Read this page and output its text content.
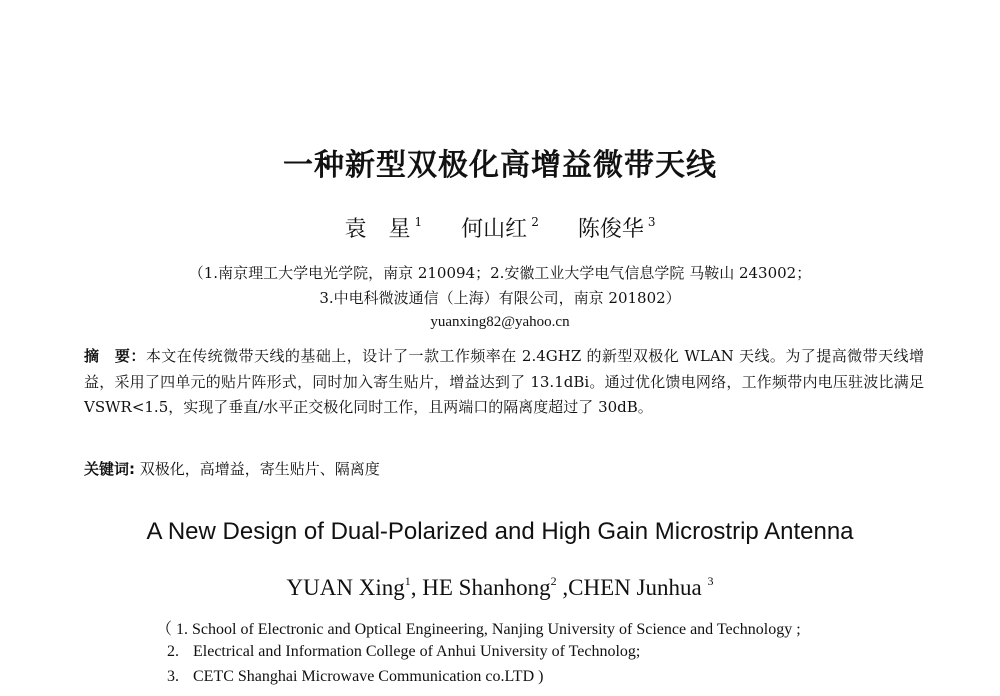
一种新型双极化高增益微带天线
袁　星 $^1$ 何山红 $^2$ 陈俊华 $^3$
（1.南京理工大学电光学院，南京 210094；2.安徽工业大学电气信息学院 马鞍山 243002；
3.中电科微波通信（上海）有限公司，南京 201802）
yuanxing82@yahoo.cn
摘　要：本文在传统微带天线的基础上，设计了一款工作频率在 2.4GHZ 的新型双极化 WLAN 天线。为了提高微带天线增益，采用了四单元的贴片阵形式，同时加入寄生贴片，增益达到了 13.1dBi。通过优化馈电网络，工作频带内电压驻波比满足 VSWR<1.5，实现了垂直/水平正交极化同时工作，且两端口的隔离度超过了 30dB。
关键词: 双极化，高增益，寄生贴片、隔离度
A New Design of Dual-Polarized and High Gain Microstrip Antenna
YUAN Xing$^1$, HE Shanhong$^2$ ,CHEN Junhua $^3$
（ 1. School of Electronic and Optical Engineering, Nanjing University of Science and Technology ;
2. Electrical and Information College of Anhui University of Technolog;
3. CETC Shanghai Microwave Communication co.LTD )
